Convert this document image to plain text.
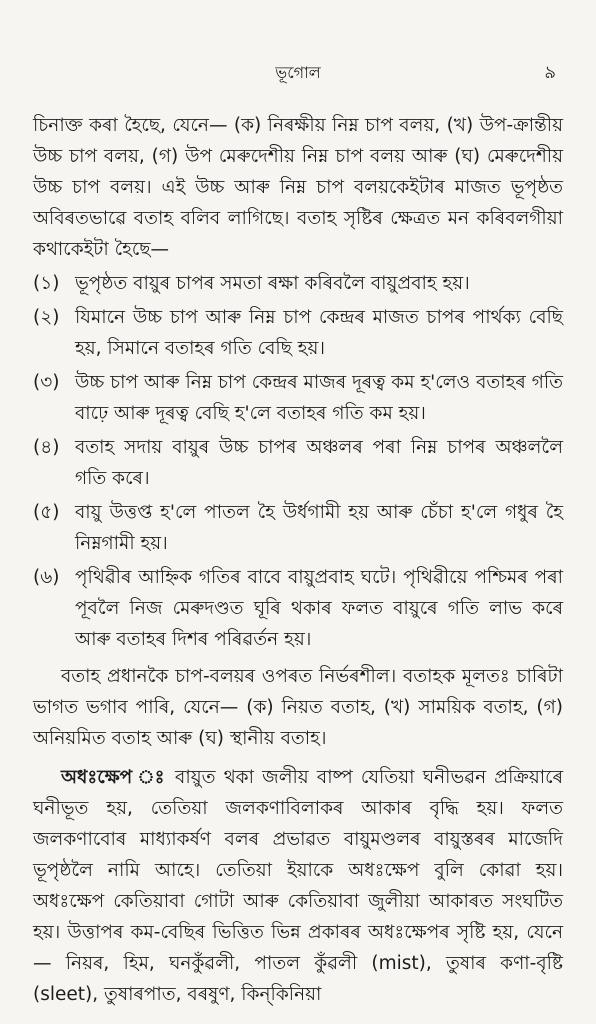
ভূগোল	৯

চিনাক্ত কৰা হৈছে, যেনে— (ক) নিৰক্ষীয় নিম্ন চাপ বলয়, (খ) উপ-ক্ৰান্তীয় উচ্চ চাপ বলয়, (গ) উপ মেৰুদেশীয় নিম্ন চাপ বলয় আৰু (ঘ) মেৰুদেশীয় উচ্চ চাপ বলয়। এই উচ্চ আৰু নিম্ন চাপ বলয়কেইটাৰ মাজত ভূপৃষ্ঠত অবিৰতভাৱে বতাহ বলিব লাগিছে। বতাহ সৃষ্টিৰ ক্ষেত্ৰত মন কৰিবলগীয়া কথাকেইটা হৈছে—

(১) ভূপৃষ্ঠত বায়ুৰ চাপৰ সমতা ৰক্ষা কৰিবলৈ বায়ুপ্ৰবাহ হয়।
(২) যিমানে উচ্চ চাপ আৰু নিম্ন চাপ কেন্দ্ৰৰ মাজত চাপৰ পাৰ্থক্য বেছি হয়, সিমানে বতাহৰ গতি বেছি হয়।
(৩) উচ্চ চাপ আৰু নিম্ন চাপ কেন্দ্ৰৰ মাজৰ দূৰত্ব কম হ'লেও বতাহৰ গতি বাঢ়ে আৰু দূৰত্ব বেছি হ'লে বতাহৰ গতি কম হয়।
(৪) বতাহ সদায় বায়ুৰ উচ্চ চাপৰ অঞ্চলৰ পৰা নিম্ন চাপৰ অঞ্চললৈ গতি কৰে।
(৫) বায়ু উত্তপ্ত হ'লে পাতল হৈ উৰ্ধগামী হয় আৰু চেঁচা হ'লে গধুৰ হৈ নিম্নগামী হয়।
(৬) পৃথিৱীৰ আহ্নিক গতিৰ বাবে বায়ুপ্ৰবাহ ঘটে। পৃথিৱীয়ে পশ্চিমৰ পৰা পূবলৈ নিজ মেৰুদণ্ডত ঘূৰি থকাৰ ফলত বায়ুৰে গতি লাভ কৰে আৰু বতাহৰ দিশৰ পৰিৱৰ্তন হয়।

বতাহ প্ৰধানকৈ চাপ-বলয়ৰ ওপৰত নিৰ্ভৰশীল। বতাহক মূলতঃ চাৰিটা ভাগত ভগাব পাৰি, যেনে— (ক) নিয়ত বতাহ, (খ) সাময়িক বতাহ, (গ) অনিয়মিত বতাহ আৰু (ঘ) স্থানীয় বতাহ।

অধঃক্ষেপ ঃ বায়ুত থকা জলীয় বাষ্প যেতিয়া ঘনীভৱন প্ৰক্ৰিয়াৰে ঘনীভূত হয়, তেতিয়া জলকণাবিলাকৰ আকাৰ বৃদ্ধি হয়। ফলত জলকণাবোৰ মাধ্যাকৰ্ষণ বলৰ প্ৰভাৱত বায়ুমণ্ডলৰ বায়ুস্তৰৰ মাজেদি ভূপৃষ্ঠলৈ নামি আহে। তেতিয়া ইয়াকে অধঃক্ষেপ বুলি কোৱা হয়। অধঃক্ষেপ কেতিয়াবা গোটা আৰু কেতিয়াবা জুলীয়া আকাৰত সংঘটিত হয়। উত্তাপৰ কম-বেছিৰ ভিত্তিত ভিন্ন প্ৰকাৰৰ অধঃক্ষেপৰ সৃষ্টি হয়, যেনে— নিয়ৰ, হিম, ঘনকুঁৱলী, পাতল কুঁৱলী (mist), তুষাৰ কণা-বৃষ্টি (sleet), তুষাৰপাত, বৰষুণ, কিন্‌কিনিয়া
